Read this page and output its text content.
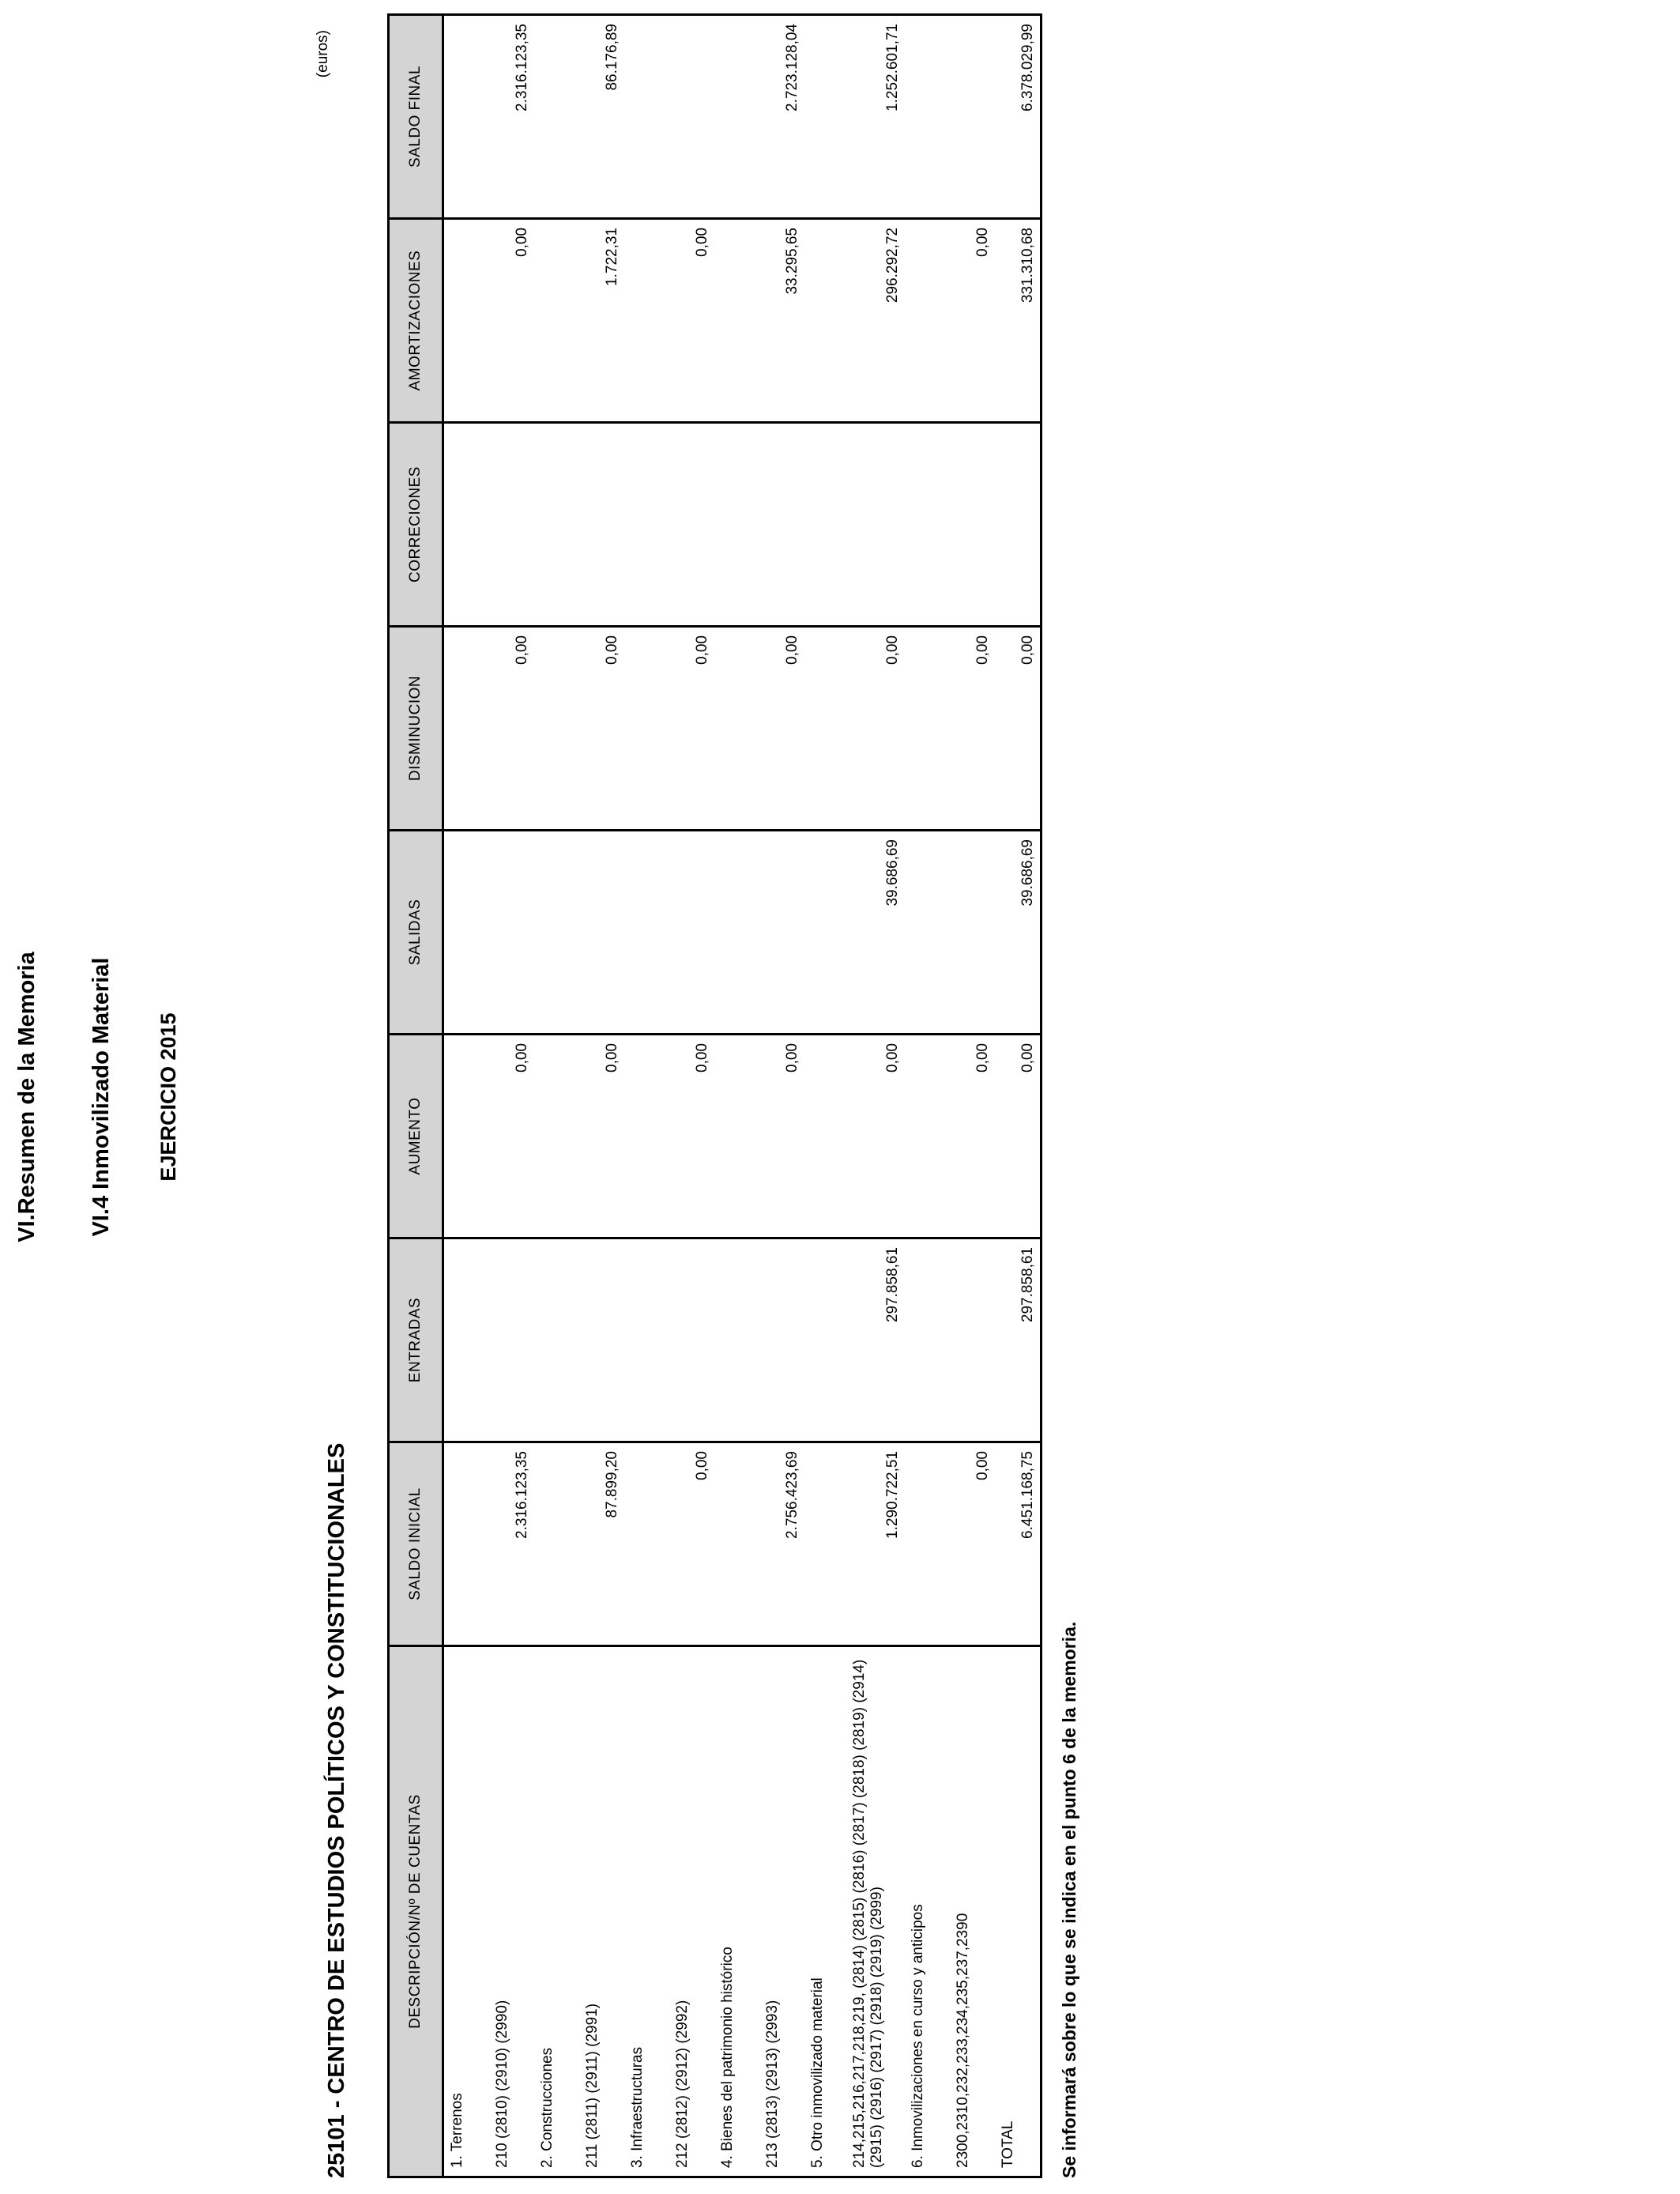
VI.Resumen de la Memoria VI.4 Inmovilizado Material EJERCICIO 2015
(euros)
25101 - CENTRO DE ESTUDIOS POLÍTICOS Y CONSTITUCIONALES	DESCRIPCIÓN/Nº DE CUENTAS	SALDO INICIAL	ENTRADAS	AUMENTO	SALIDAS	DISMINUCION	CORRECIONES	AMORTIZACIONES	SALDO FINAL
1. Terrenos								
210 (2810) (2910) (2990)	2.316.123,35		0,00		0,00		0,00	2.316.123,35
2. Construcciones								
211 (2811) (2911) (2991)	87.899,20		0,00		0,00		1.722,31	86.176,89
3. Infraestructuras								
212 (2812) (2912) (2992)	0,00		0,00		0,00		0,00	
4. Bienes del patrimonio histórico								
213 (2813) (2913) (2993)	2.756.423,69		0,00		0,00		33.295,65	2.723.128,04
5. Otro inmovilizado material								
214,215,216,217,218,219, (2814) (2815) (2816) (2817) (2818) (2819) (2914) (2915) (2916) (2917) (2918) (2919) (2999)	1.290.722,51	297.858,61	0,00	39.686,69	0,00		296.292,72	1.252.601,71
6. Inmovilizaciones en curso y anticipos								
2300,2310,232,233,234,235,237,2390	0,00		0,00		0,00		0,00	
TOTAL	6.451.168,75	297.858,61	0,00	39.686,69	0,00		331.310,68	6.378.029,99
Se informará sobre lo que se indica en el punto 6 de la memoria.
